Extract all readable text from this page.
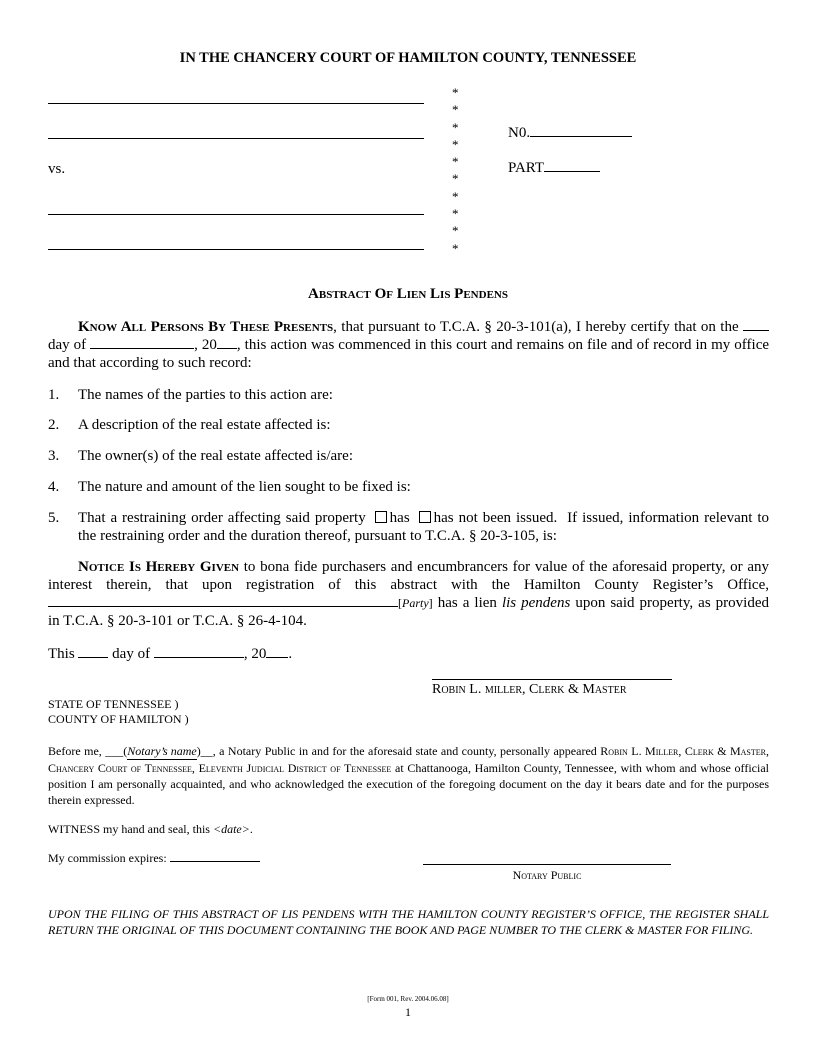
IN THE CHANCERY COURT OF HAMILTON COUNTY, TENNESSEE
vs.
*
*
*
*
*
*
*
*
*
*
N0.
PART
Abstract Of Lien Lis Pendens
Know All Persons By These Presents, that pursuant to T.C.A. § 20-3-101(a), I hereby certify that on the  day of	, 20 , this action was commenced in this court and remains on file and of record in my office and that according to such record:
1. The names of the parties to this action are:
2. A description of the real estate affected is:
3. The owner(s) of the real estate affected is/are:
4. The nature and amount of the lien sought to be fixed is:
5. That a restraining order affecting said property has has not been issued. If issued, information relevant to the restraining order and the duration thereof, pursuant to T.C.A. § 20-3-105, is:
Notice Is Hereby Given to bona fide purchasers and encumbrancers for value of the aforesaid property, or any interest therein, that upon registration of this abstract with the Hamilton County Register’s Office, [Party] has a lien lis pendens upon said property, as provided in T.C.A. § 20-3-101 or T.C.A. § 26-4-104.
This	day of	, 20 .
Robin L. miller, Clerk & Master
STATE OF TENNESSEE )
COUNTY OF HAMILTON )
Before me, ___(Notary’s name)__, a Notary Public in and for the aforesaid state and county, personally appeared Robin L. Miller, Clerk & Master, Chancery Court of Tennessee, Eleventh Judicial District of Tennessee at Chattanooga, Hamilton County, Tennessee, with whom and whose official position I am personally acquainted, and who acknowledged the execution of the foregoing document on the day it bears date and for the purposes therein expressed.
WITNESS my hand and seal, this <date>.
My commission expires:
Notary Public
UPON THE FILING OF THIS ABSTRACT OF LIS PENDENS WITH THE HAMILTON COUNTY REGISTER’S OFFICE, THE REGISTER SHALL RETURN THE ORIGINAL OF THIS DOCUMENT CONTAINING THE BOOK AND PAGE NUMBER TO THE CLERK & MASTER FOR FILING.
[Form 001, Rev. 2004.06.08]
1
